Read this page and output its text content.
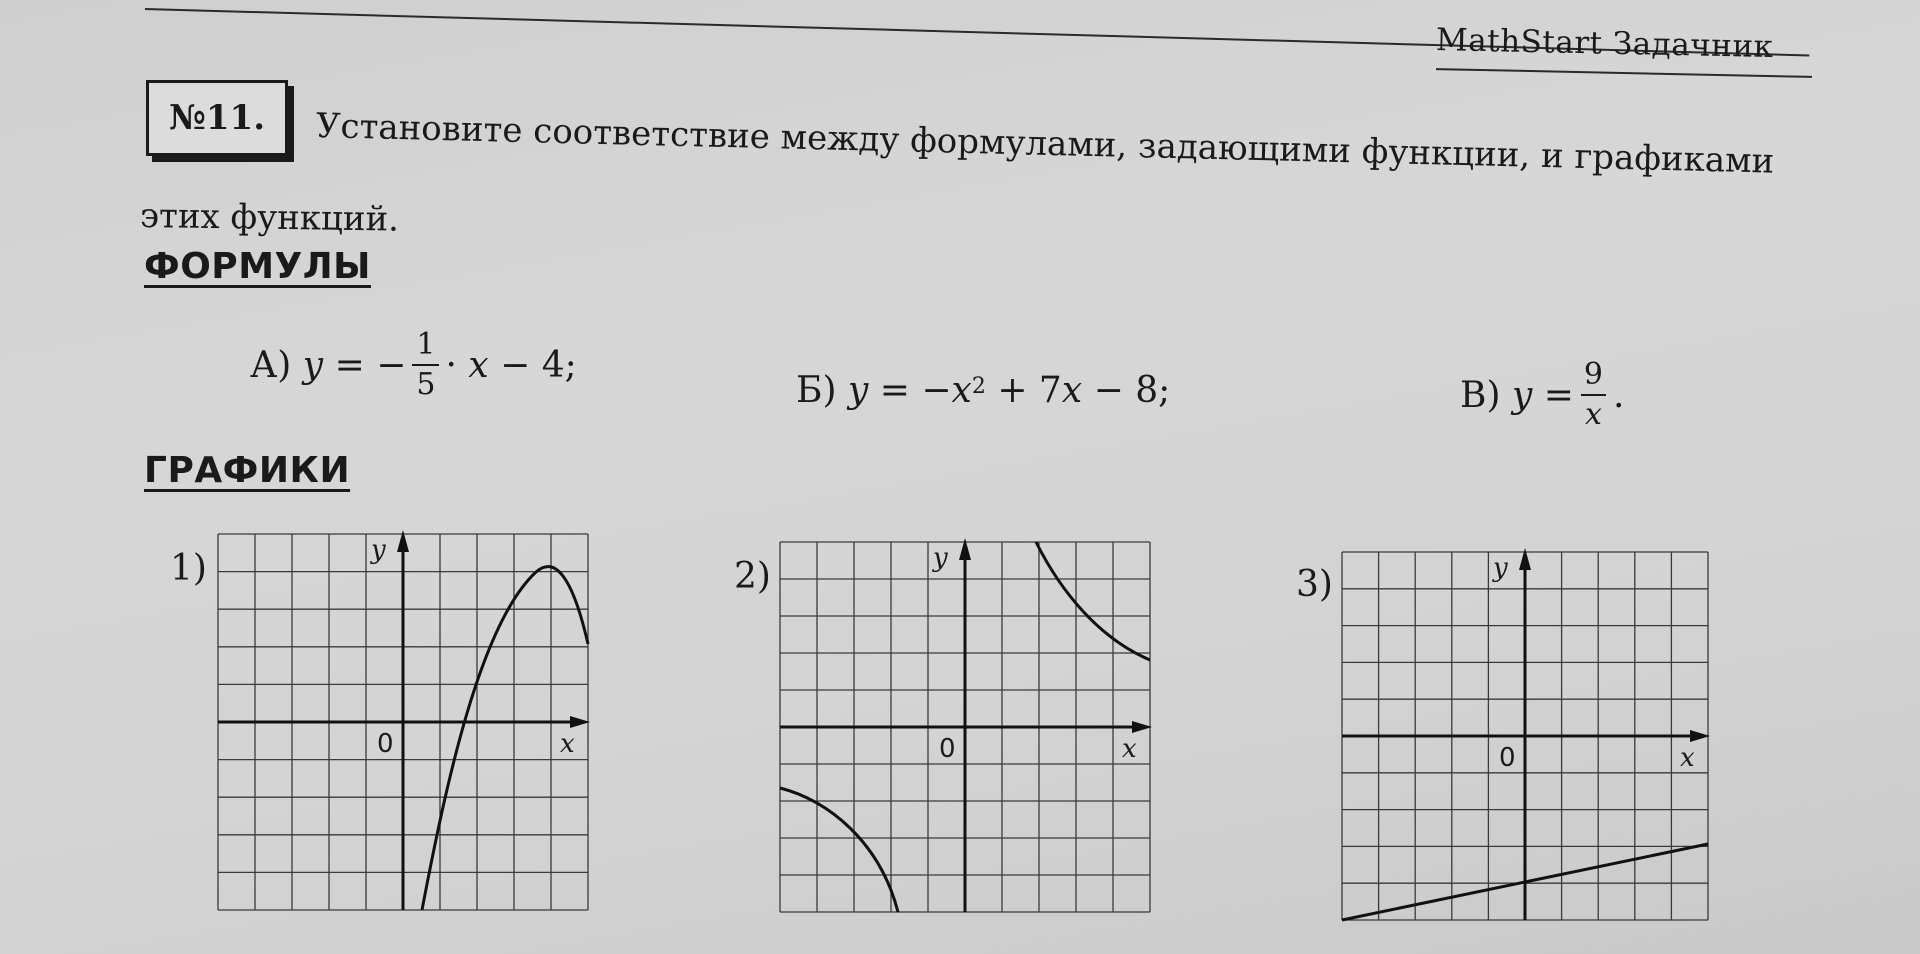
MathStart Задачник
№11. Установите соответствие между формулами, задающими функции, и графиками
этих функций.
ФОРМУЛЫ
А)
y
=
− $\frac{1}{5}$ ·
x
− 4;
Б)
y
=
− x 2
+ 7 x
− 8;	В)
y
= $\frac{9}{x}$ .
ГРАФИКИ
1)	2)	3)
y
x
0
y
x
0
y
x
0
